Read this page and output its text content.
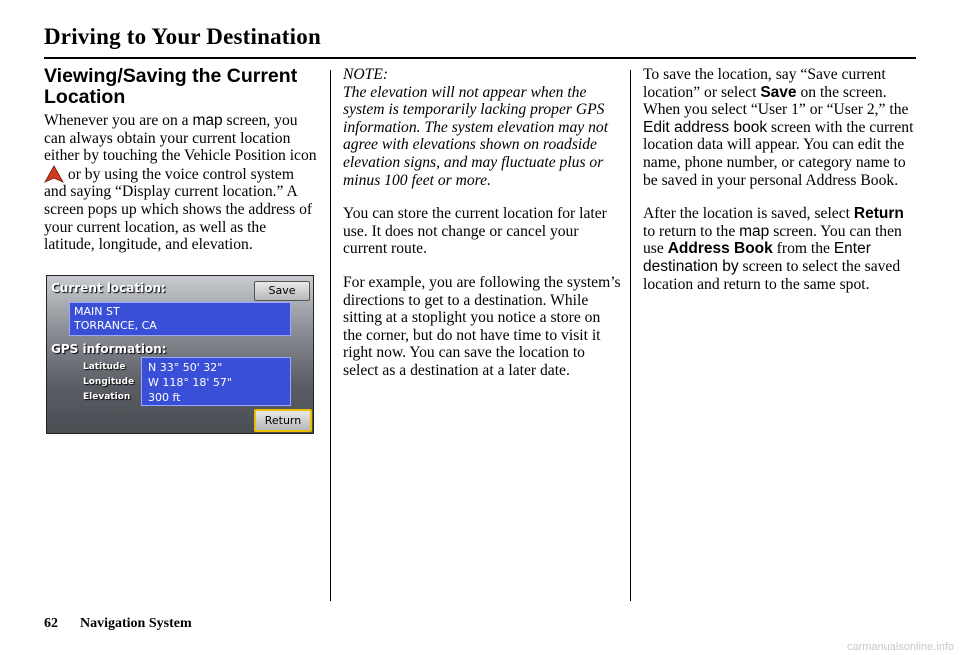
Driving to Your Destination
Viewing/Saving the Current Location

Whenever you are on a map screen, you can always obtain your current location either by touching the Vehicle Position icon  or by using the voice control system and saying “Display current location.” A screen pops up which shows the address of your current location, as well as the latitude, longitude, and elevation.

Current location:	Save
MAIN ST
TORRANCE, CA
GPS information:
Latitude
Longitude
Elevation
N 33° 50' 32"
W 118° 18' 57"
300 ft
Return

NOTE:
The elevation will not appear when the system is temporarily lacking proper GPS information. The system elevation may not agree with elevations shown on roadside elevation signs, and may fluctuate plus or minus 100 feet or more.

You can store the current location for later use. It does not change or cancel your current route.

For example, you are following the system’s directions to get to a destination. While sitting at a stoplight you notice a store on the corner, but do not have time to visit it right now. You can save the location to select as a destination at a later date.

To save the location, say “Save current location” or select Save on the screen. When you select “User 1” or “User 2,” the Edit address book screen with the current location data will appear. You can edit the name, phone number, or category name to be saved in your personal Address Book.

After the location is saved, select Return to return to the map screen. You can then use Address Book from the Enter destination by screen to select the saved location and return to the same spot.

62 Navigation System
carmanualsonline.info
